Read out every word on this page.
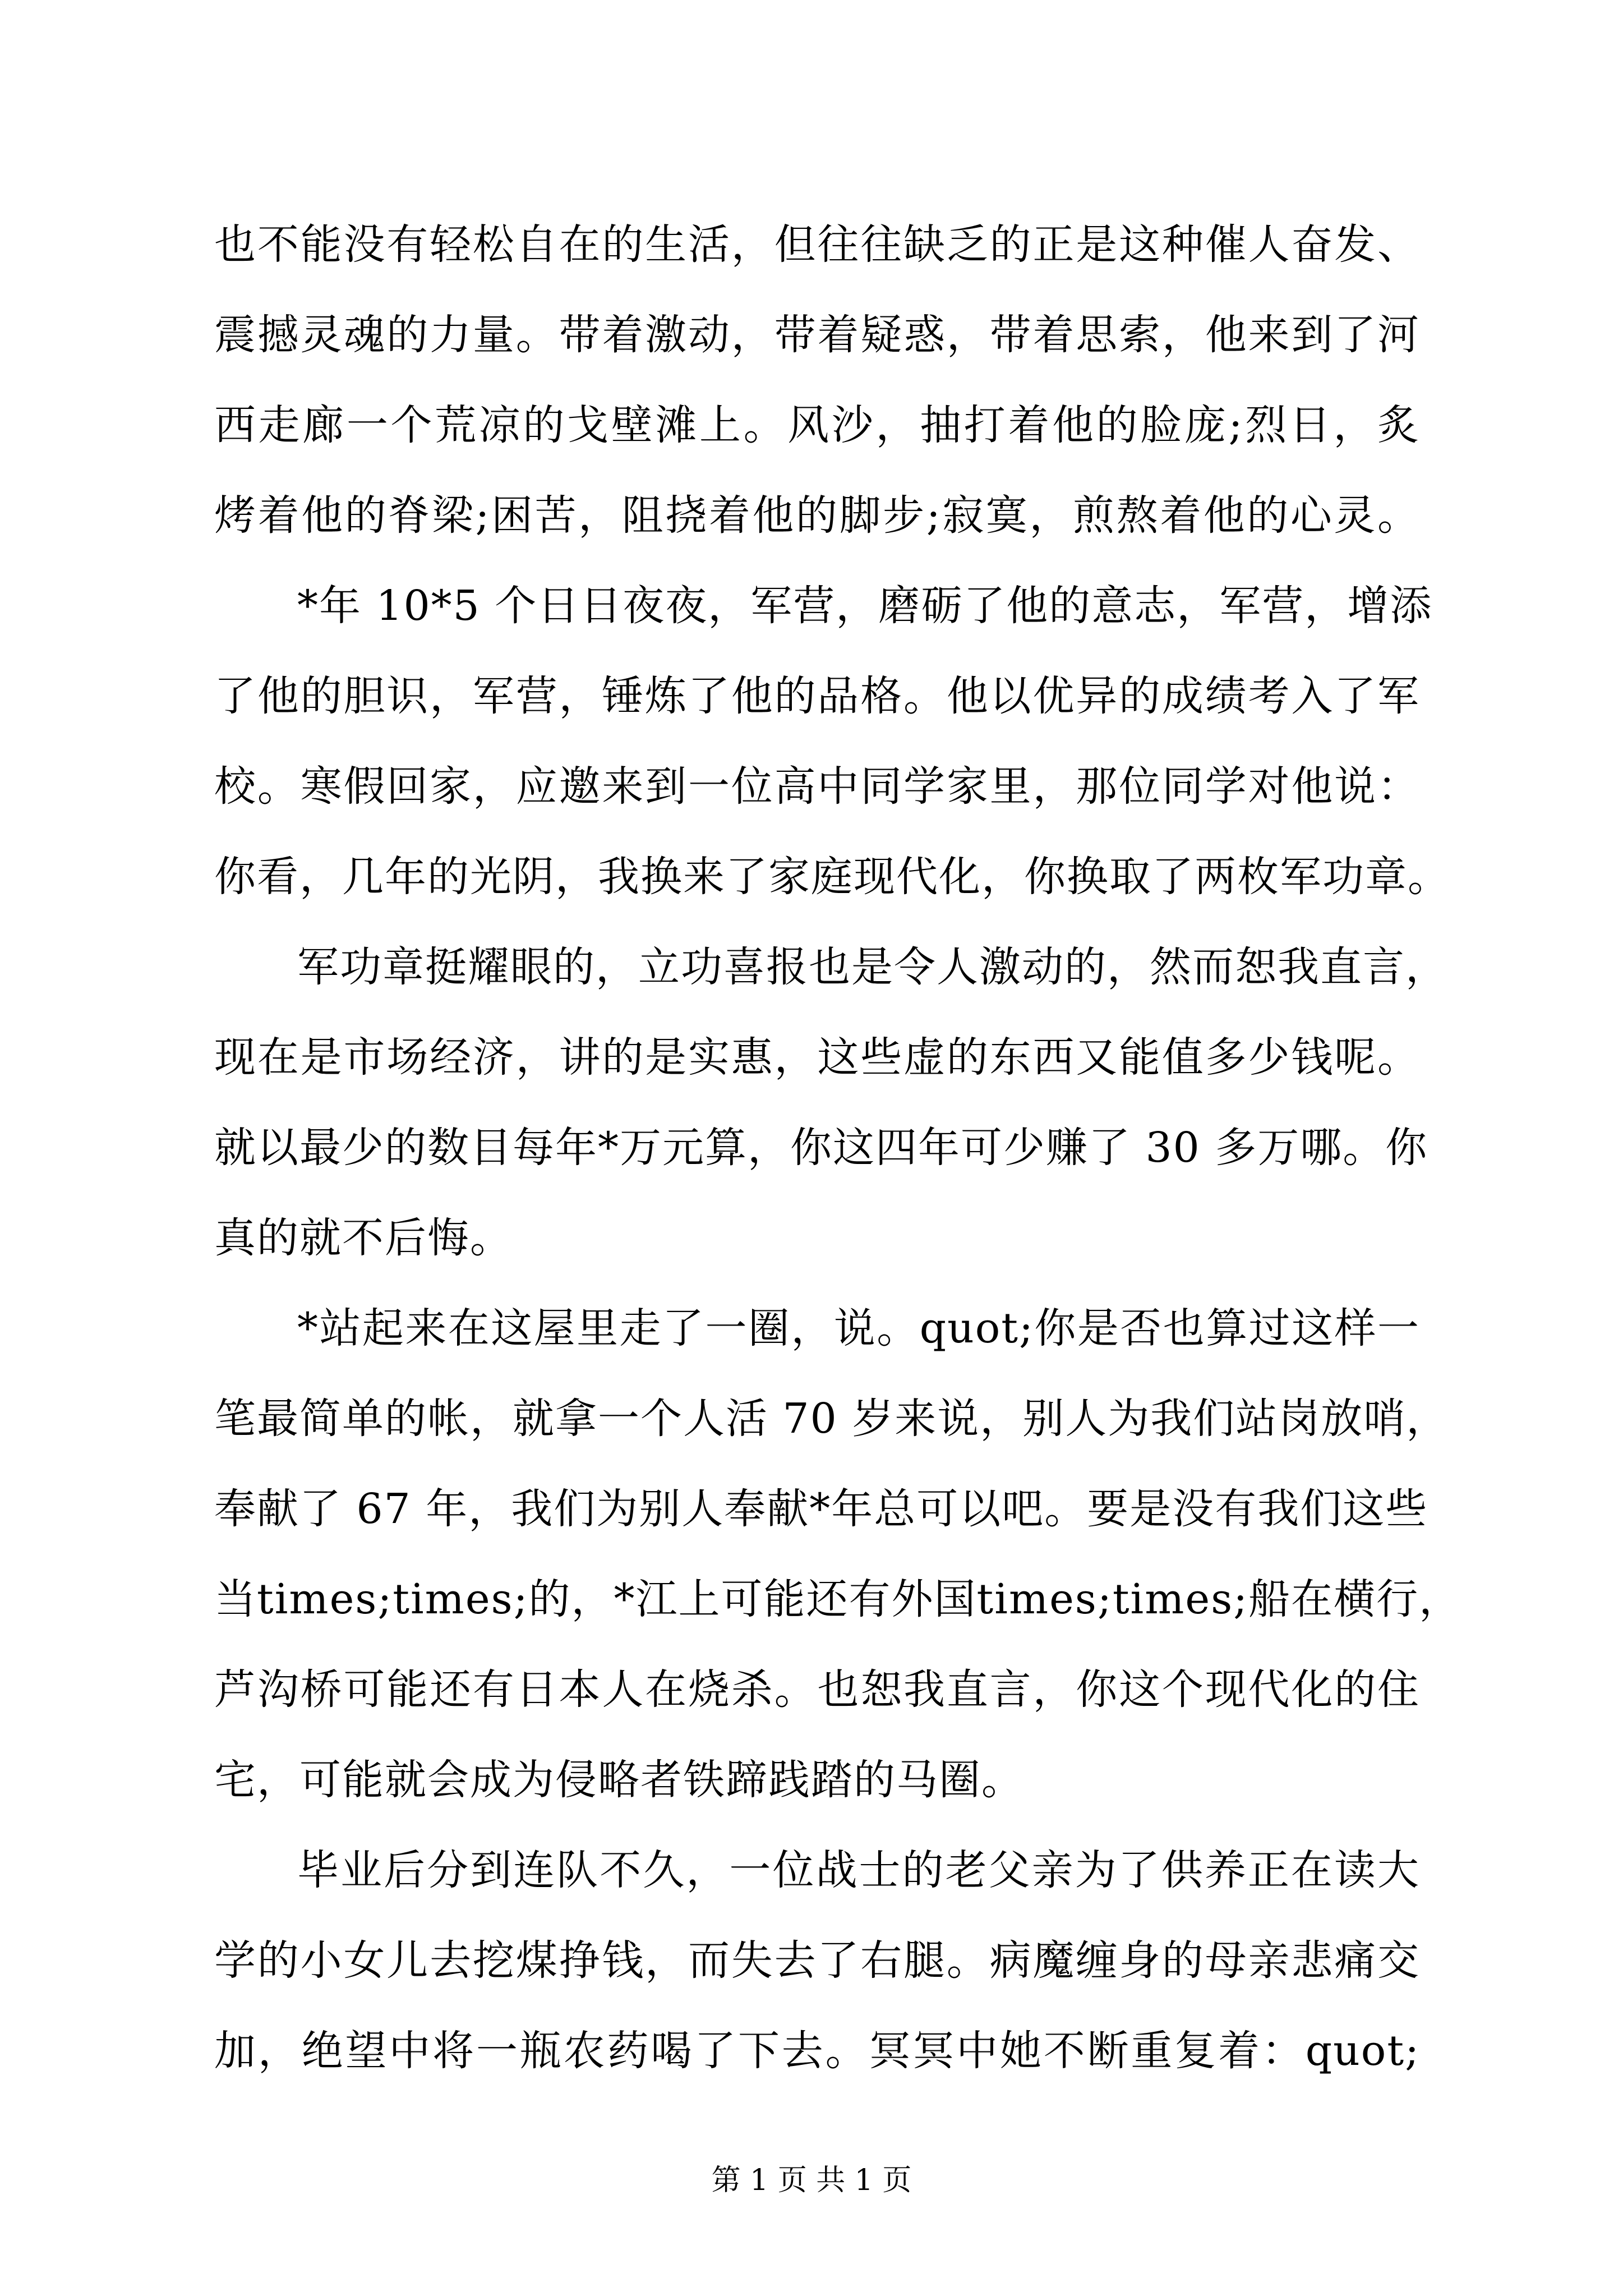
也不能没有轻松自在的生活，但往往缺乏的正是这种催人奋发、
震撼灵魂的力量。带着激动，带着疑惑，带着思索，他来到了河
西走廊一个荒凉的戈壁滩上。风沙，抽打着他的脸庞;烈日，炙
烤着他的脊梁;困苦，阻挠着他的脚步;寂寞，煎熬着他的心灵。
*年 10*5 个日日夜夜，军营，磨砺了他的意志，军营，增添
了他的胆识，军营，锤炼了他的品格。他以优异的成绩考入了军
校。寒假回家，应邀来到一位高中同学家里，那位同学对他说：
你看，几年的光阴，我换来了家庭现代化，你换取了两枚军功章。
军功章挺耀眼的，立功喜报也是令人激动的，然而恕我直言，
现在是市场经济，讲的是实惠，这些虚的东西又能值多少钱呢。
就以最少的数目每年*万元算，你这四年可少赚了 30 多万哪。你
真的就不后悔。
*站起来在这屋里走了一圈，说。quot;你是否也算过这样一
笔最简单的帐，就拿一个人活 70 岁来说，别人为我们站岗放哨，
奉献了 67 年，我们为别人奉献*年总可以吧。要是没有我们这些
当times;times;的，*江上可能还有外国times;times;船在横行，
芦沟桥可能还有日本人在烧杀。也恕我直言，你这个现代化的住
宅，可能就会成为侵略者铁蹄践踏的马圈。
毕业后分到连队不久，一位战士的老父亲为了供养正在读大
学的小女儿去挖煤挣钱，而失去了右腿。病魔缠身的母亲悲痛交
加，绝望中将一瓶农药喝了下去。冥冥中她不断重复着：quot;
第 1 页 共 1 页
